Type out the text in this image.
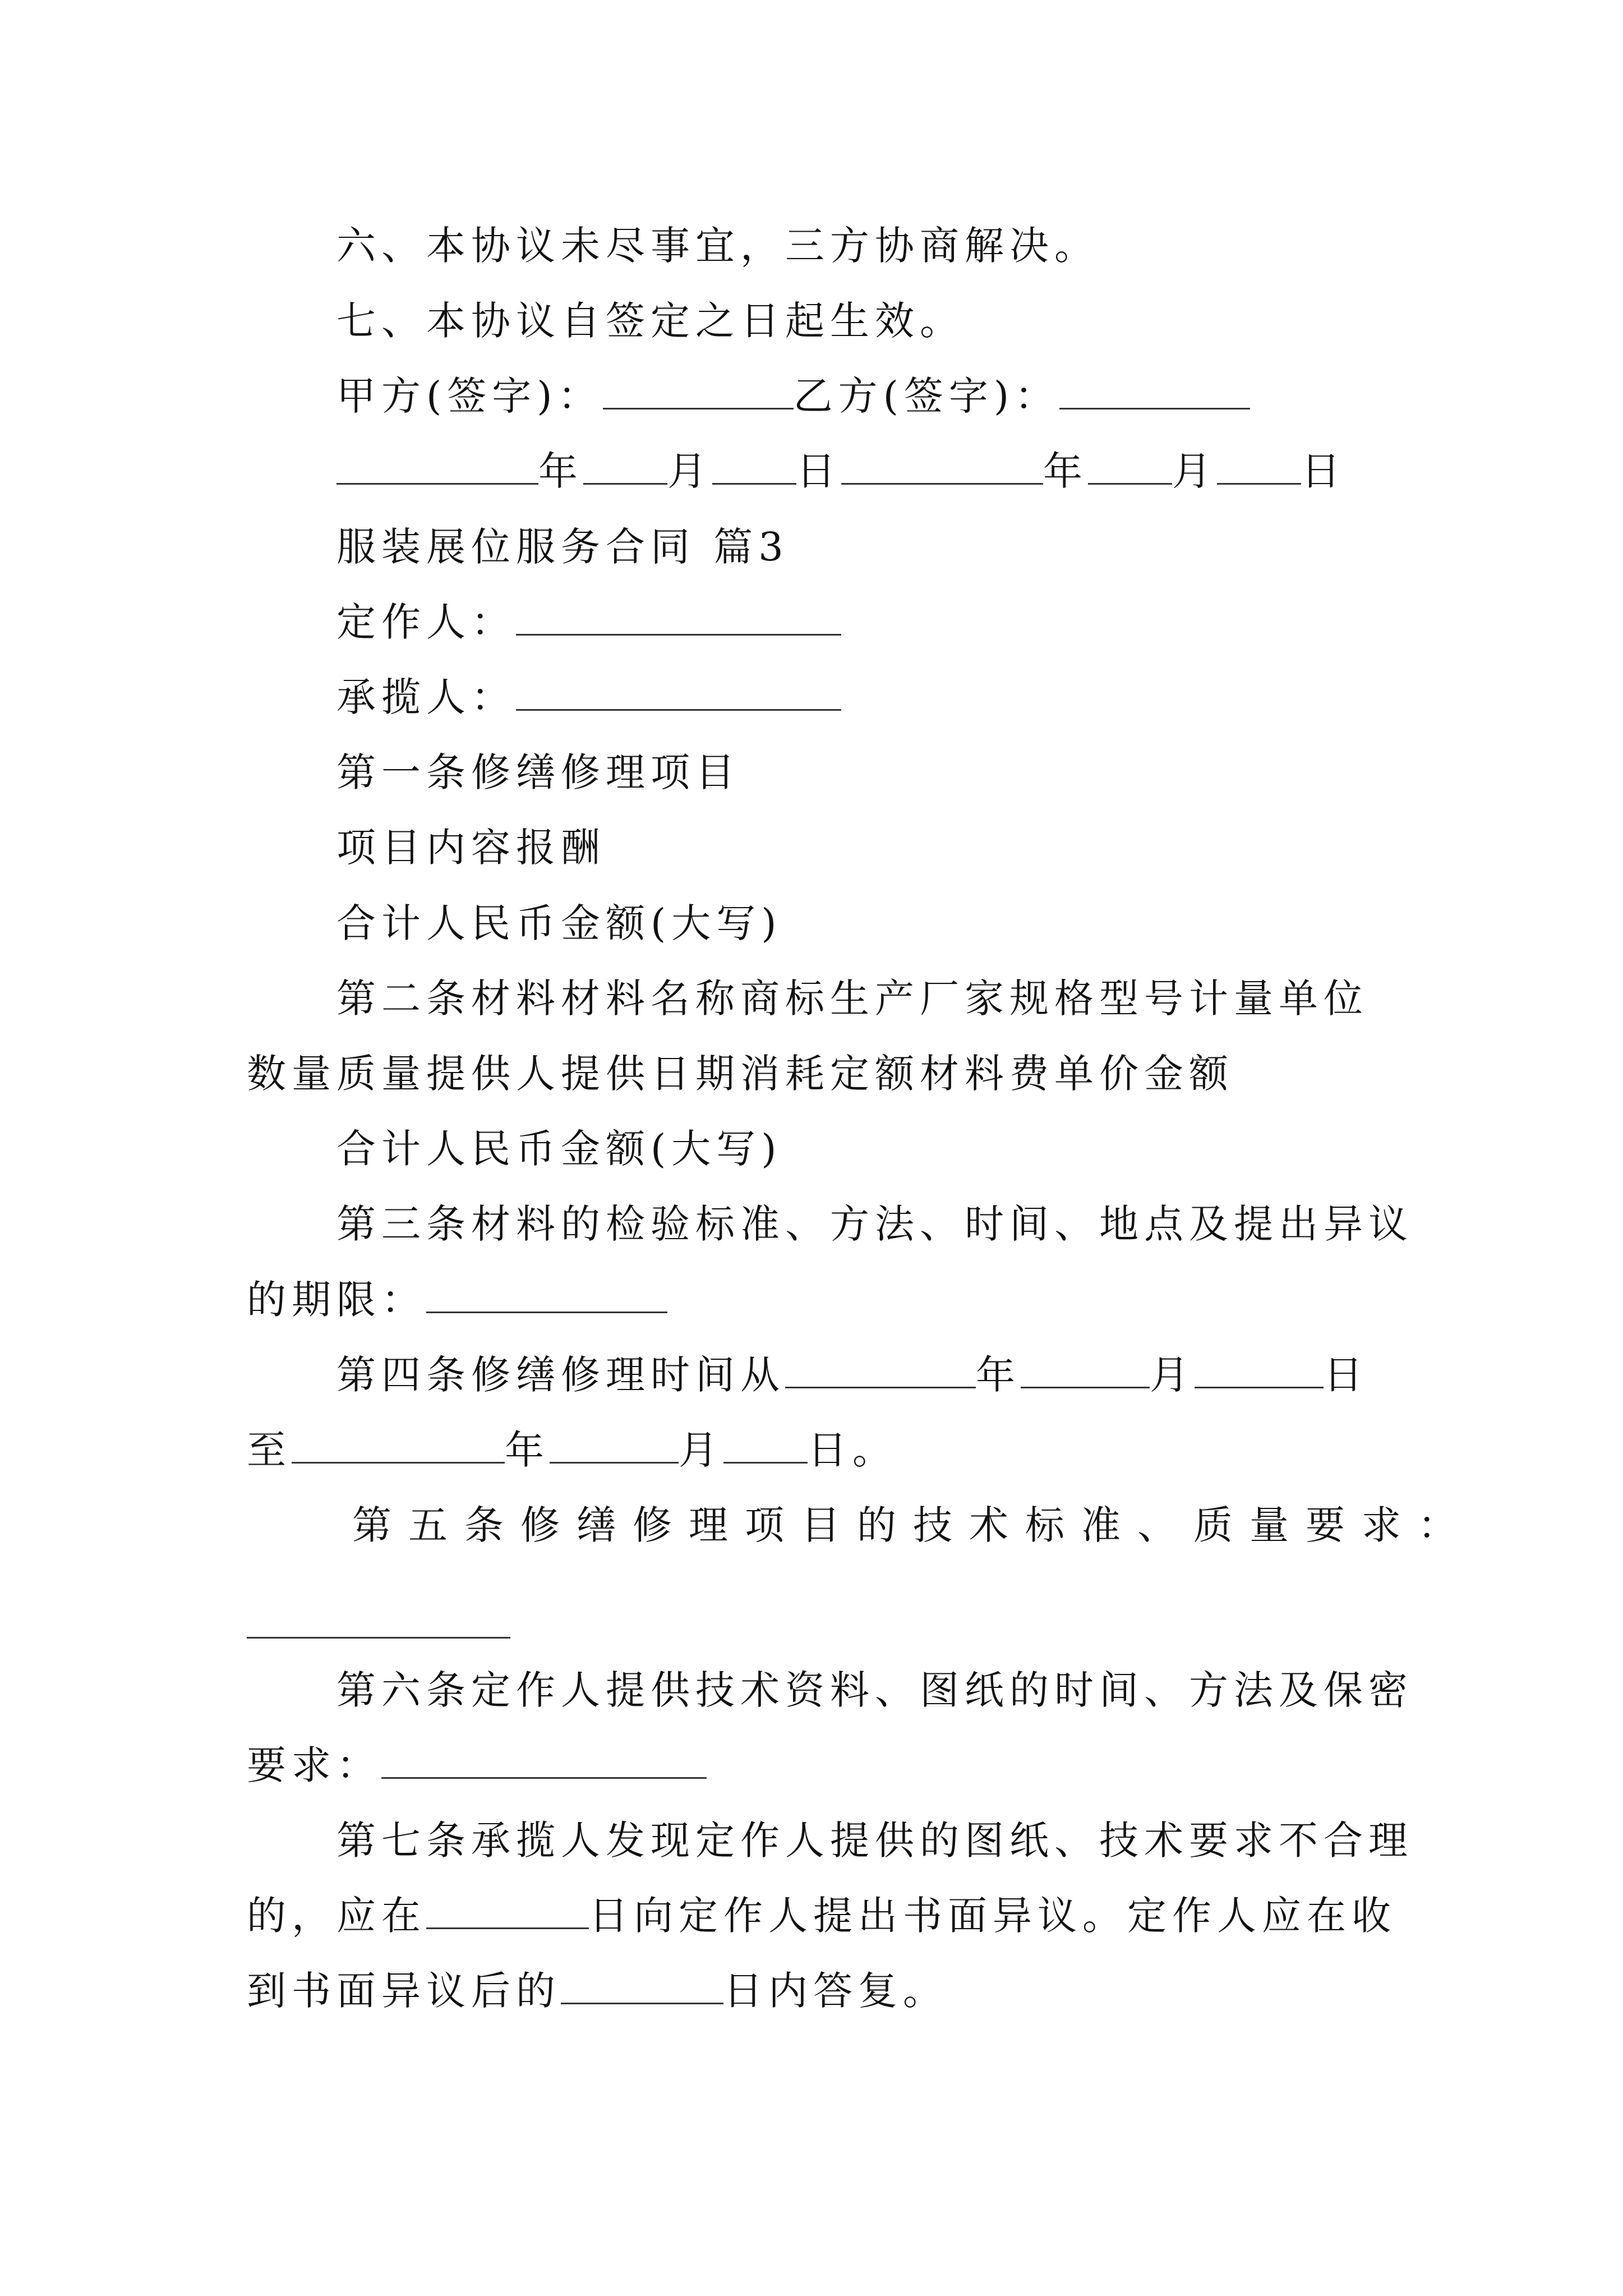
六、本协议未尽事宜，三方协商解决。
七、本协议自签定之日起生效。
甲方(签字)：	乙方(签字)：
年 月 日	年 月 日
服装展位服务合同 篇3
定作人：
承揽人：
第一条修缮修理项目
项目内容报酬
合计人民币金额(大写)
第二条材料材料名称商标生产厂家规格型号计量单位
数量质量提供人提供日期消耗定额材料费单价金额
合计人民币金额(大写)
第三条材料的检验标准、方法、时间、地点及提出异议
的期限：
第四条修缮修理时间从	年	月	日
至	年	月 日。
第五条修缮修理项目的技术标准、质量要求：
第六条定作人提供技术资料、图纸的时间、方法及保密
要求：
第七条承揽人发现定作人提供的图纸、技术要求不合理
的，应在	日向定作人提出书面异议。定作人应在收
到书面异议后的	日内答复。
